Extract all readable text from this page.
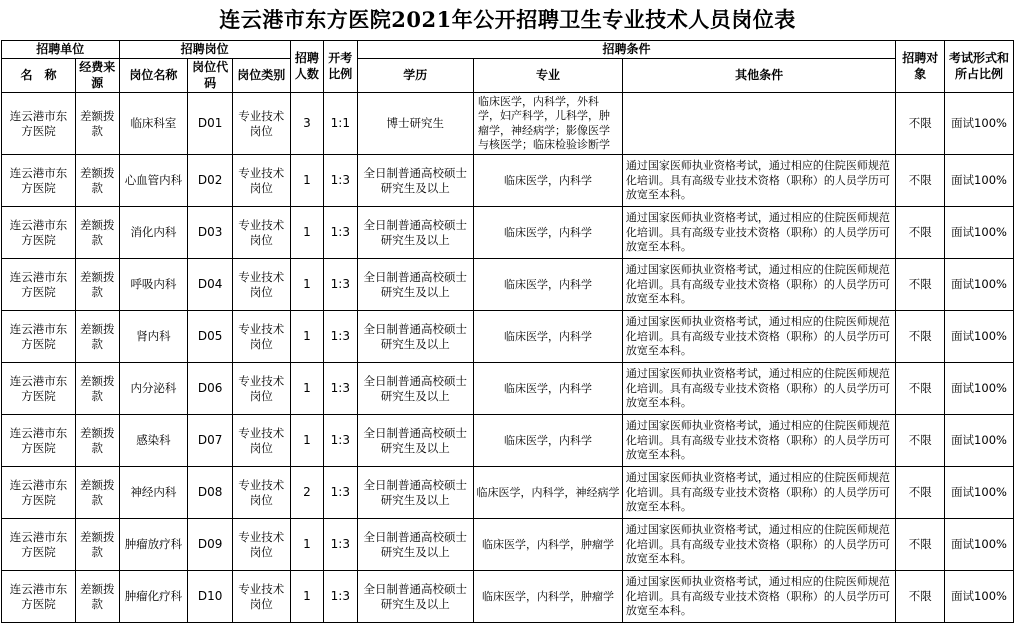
连云港市东方医院2021年公开招聘卫生专业技术人员岗位表
招聘单位		招聘岗位			招聘人数	开考比例	招聘条件			招聘对象	考试形式和所占比例
名　称	经费来源	岗位名称	岗位代码	岗位类别			学历	专业	其他条件		
连云港市东方医院	差额拨款	临床科室	D01	专业技术岗位	3	1:1	博士研究生	临床医学，内科学，外科学，妇产科学，儿科学，肿瘤学，神经病学；影像医学与核医学；临床检验诊断学		不限	面试100%
连云港市东方医院	差额拨款	心血管内科	D02	专业技术岗位	1	1:3	全日制普通高校硕士研究生及以上	临床医学，内科学	通过国家医师执业资格考试，通过相应的住院医师规范化培训。具有高级专业技术资格（职称）的人员学历可放宽至本科。	不限	面试100%
连云港市东方医院	差额拨款	消化内科	D03	专业技术岗位	1	1:3	全日制普通高校硕士研究生及以上	临床医学，内科学	通过国家医师执业资格考试，通过相应的住院医师规范化培训。具有高级专业技术资格（职称）的人员学历可放宽至本科。	不限	面试100%
连云港市东方医院	差额拨款	呼吸内科	D04	专业技术岗位	1	1:3	全日制普通高校硕士研究生及以上	临床医学，内科学	通过国家医师执业资格考试，通过相应的住院医师规范化培训。具有高级专业技术资格（职称）的人员学历可放宽至本科。	不限	面试100%
连云港市东方医院	差额拨款	肾内科	D05	专业技术岗位	1	1:3	全日制普通高校硕士研究生及以上	临床医学，内科学	通过国家医师执业资格考试，通过相应的住院医师规范化培训。具有高级专业技术资格（职称）的人员学历可放宽至本科。	不限	面试100%
连云港市东方医院	差额拨款	内分泌科	D06	专业技术岗位	1	1:3	全日制普通高校硕士研究生及以上	临床医学，内科学	通过国家医师执业资格考试，通过相应的住院医师规范化培训。具有高级专业技术资格（职称）的人员学历可放宽至本科。	不限	面试100%
连云港市东方医院	差额拨款	感染科	D07	专业技术岗位	1	1:3	全日制普通高校硕士研究生及以上	临床医学，内科学	通过国家医师执业资格考试，通过相应的住院医师规范化培训。具有高级专业技术资格（职称）的人员学历可放宽至本科。	不限	面试100%
连云港市东方医院	差额拨款	神经内科	D08	专业技术岗位	2	1:3	全日制普通高校硕士研究生及以上	临床医学，内科学，神经病学	通过国家医师执业资格考试，通过相应的住院医师规范化培训。具有高级专业技术资格（职称）的人员学历可放宽至本科。	不限	面试100%
连云港市东方医院	差额拨款	肿瘤放疗科	D09	专业技术岗位	1	1:3	全日制普通高校硕士研究生及以上	临床医学，内科学，肿瘤学	通过国家医师执业资格考试，通过相应的住院医师规范化培训。具有高级专业技术资格（职称）的人员学历可放宽至本科。	不限	面试100%
连云港市东方医院	差额拨款	肿瘤化疗科	D10	专业技术岗位	1	1:3	全日制普通高校硕士研究生及以上	临床医学，内科学，肿瘤学	通过国家医师执业资格考试，通过相应的住院医师规范化培训。具有高级专业技术资格（职称）的人员学历可放宽至本科。	不限	面试100%
